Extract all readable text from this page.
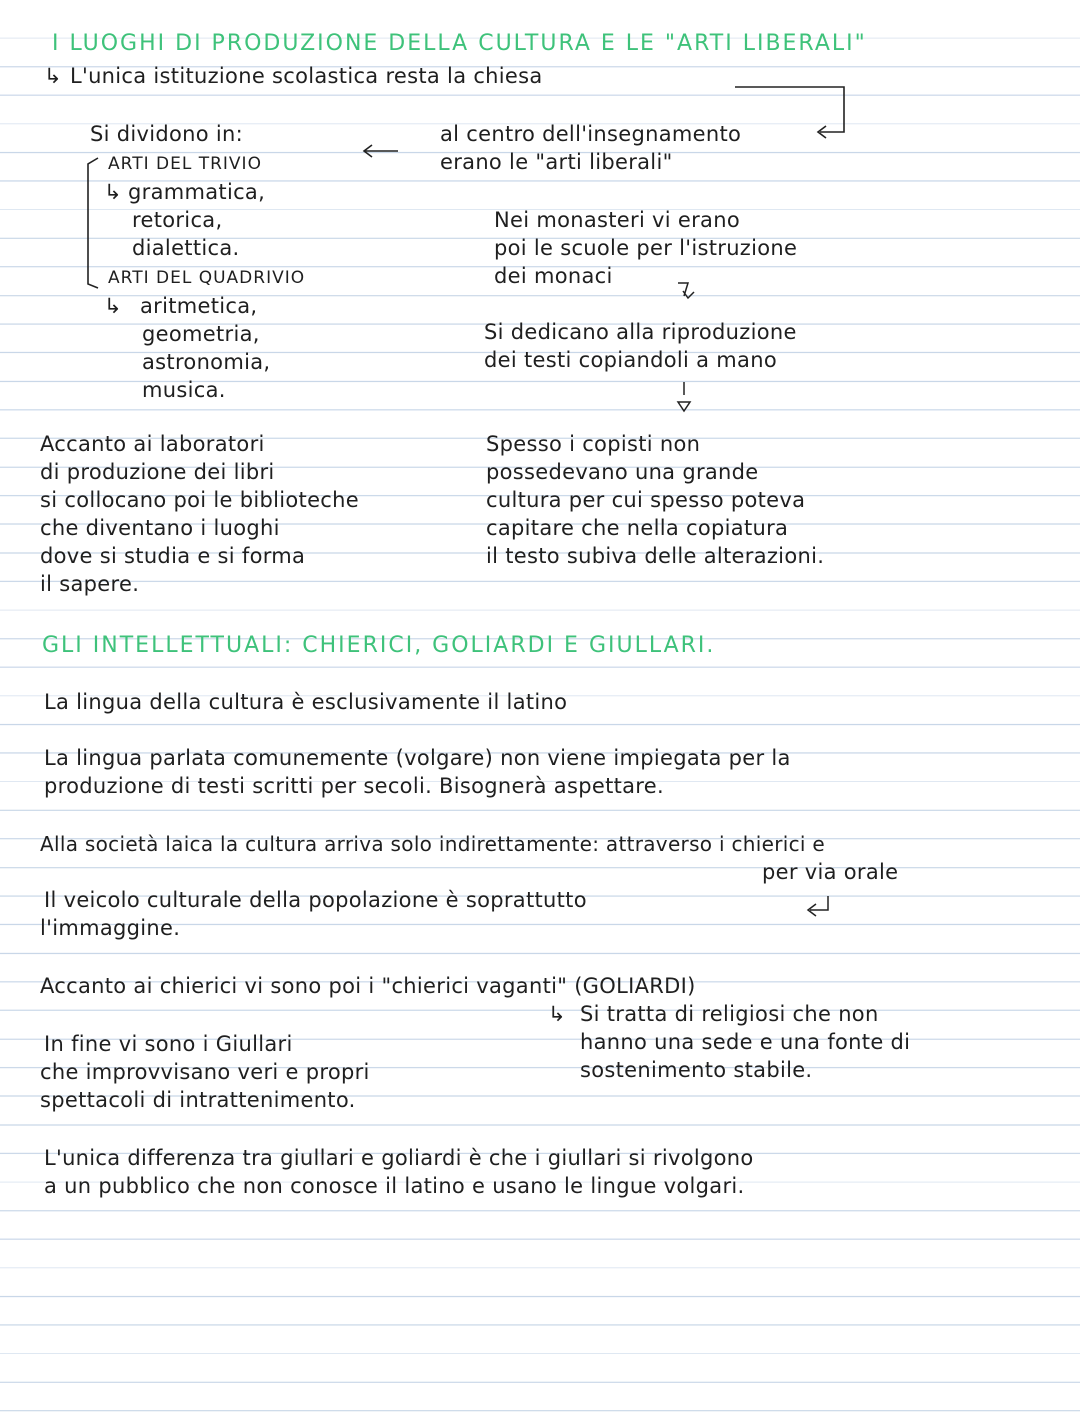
I LUOGHI DI PRODUZIONE DELLA CULTURA E LE "ARTI LIBERALI"
↳ L'unica istituzione scolastica resta la chiesa
Si dividono in:
ARTI DEL TRIVIO
↳ grammatica,
retorica,
dialettica.
ARTI DEL QUADRIVIO
↳ aritmetica,
geometria,
astronomia,
musica.
al centro dell'insegnamento
erano le "arti liberali"
Nei monasteri vi erano
poi le scuole per l'istruzione
dei monaci
Si dedicano alla riproduzione
dei testi copiandoli a mano
Spesso i copisti non
possedevano una grande
cultura per cui spesso poteva
capitare che nella copiatura
il testo subiva delle alterazioni.
Accanto ai laboratori
di produzione dei libri
si collocano poi le biblioteche
che diventano i luoghi
dove si studia e si forma
il sapere.
GLI INTELLETTUALI: CHIERICI, GOLIARDI E GIULLARI.
La lingua della cultura è esclusivamente il latino
La lingua parlata comunemente (volgare) non viene impiegata per la
produzione di testi scritti per secoli. Bisognerà aspettare.
Alla società laica la cultura arriva solo indirettamente: attraverso i chierici e
per via orale
Il veicolo culturale della popolazione è soprattutto
l'immaggine.
Accanto ai chierici vi sono poi i "chierici vaganti" (GOLIARDI)
↳ Si tratta di religiosi che non
hanno una sede e una fonte di
sostenimento stabile.
In fine vi sono i Giullari
che improvvisano veri e propri
spettacoli di intrattenimento.
L'unica differenza tra giullari e goliardi è che i giullari si rivolgono
a un pubblico che non conosce il latino e usano le lingue volgari.
